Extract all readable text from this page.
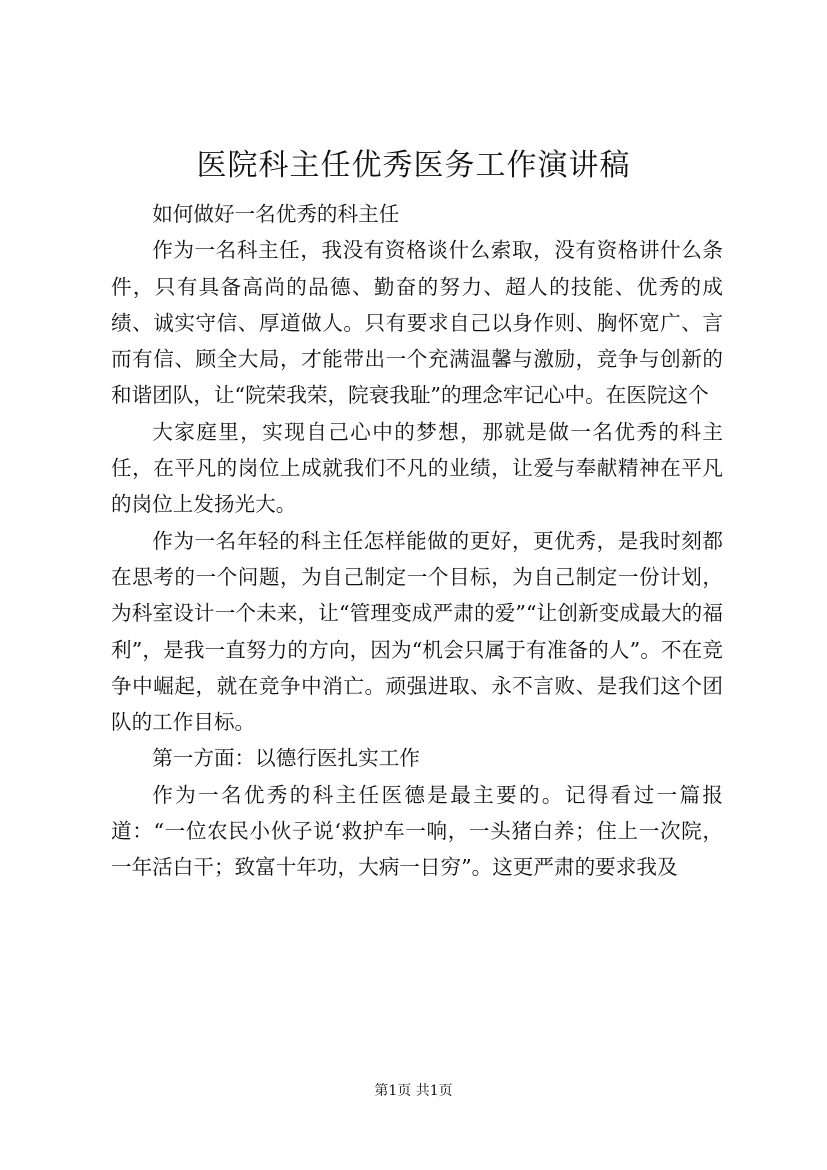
医院科主任优秀医务工作演讲稿

如何做好一名优秀的科主任

作为一名科主任，我没有资格谈什么索取，没有资格讲什么条件，只有具备高尚的品德、勤奋的努力、超人的技能、优秀的成绩、诚实守信、厚道做人。只有要求自己以身作则、胸怀宽广、言而有信、顾全大局，才能带出一个充满温馨与激励，竞争与创新的和谐团队，让“院荣我荣，院衰我耻”的理念牢记心中。在医院这个

大家庭里，实现自己心中的梦想，那就是做一名优秀的科主任，在平凡的岗位上成就我们不凡的业绩，让爱与奉献精神在平凡的岗位上发扬光大。

作为一名年轻的科主任怎样能做的更好，更优秀，是我时刻都在思考的一个问题，为自己制定一个目标，为自己制定一份计划，为科室设计一个未来，让“管理变成严肃的爱”“让创新变成最大的福利”，是我一直努力的方向，因为“机会只属于有准备的人”。不在竞争中崛起，就在竞争中消亡。顽强进取、永不言败、是我们这个团队的工作目标。

第一方面：以德行医扎实工作

作为一名优秀的科主任医德是最主要的。记得看过一篇报道：“一位农民小伙子说‘救护车一响，一头猪白养；住上一次院，一年活白干；致富十年功，大病一日穷”。这更严肃的要求我及

第1页 共1页
